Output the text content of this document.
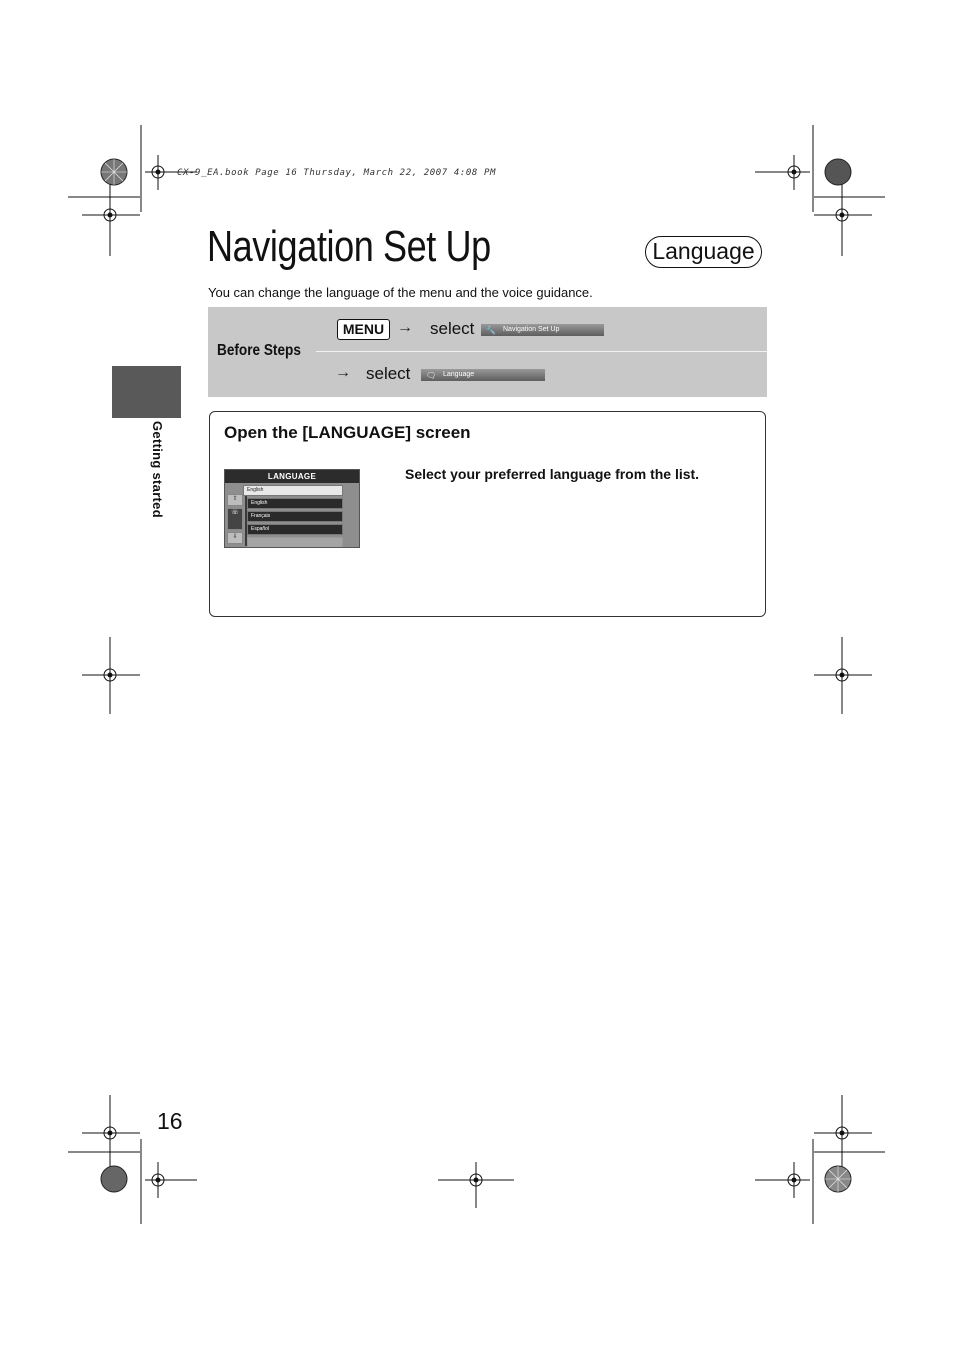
CX-9_EA.book Page 16 Thursday, March 22, 2007 4:08 PM
Navigation Set Up	Language
You can change the language of the menu and the voice guidance.
Before Steps
MENU → select 🔧 Navigation Set Up
→ select 🗨 Language
Open the [LANGUAGE] screen
Select your preferred language from the list.
LANGUAGE
⇧
☏
⇩
English
English
Français
Español
Getting started
16
